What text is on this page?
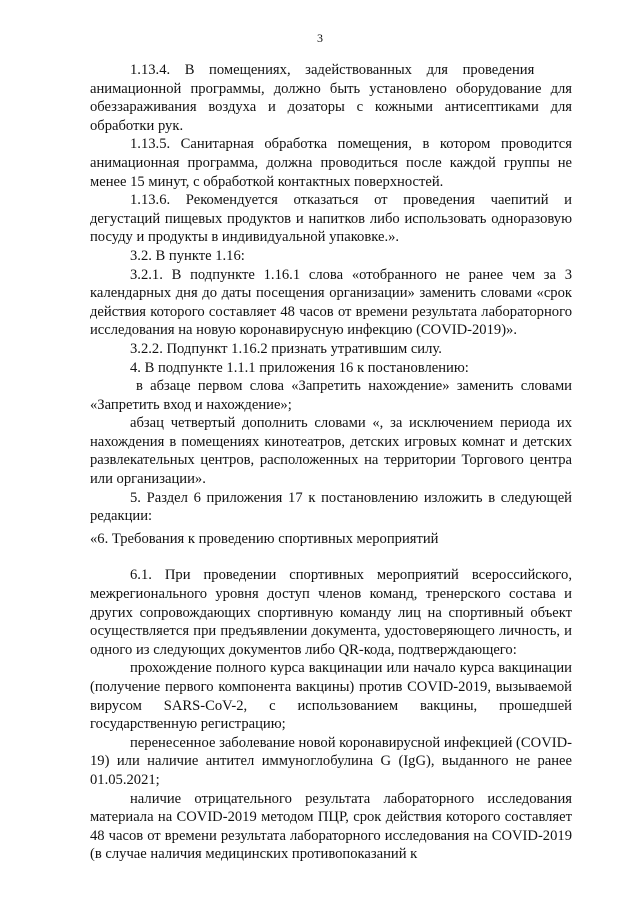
3

1.13.4. В помещениях, задействованных для проведения анимационной программы, должно быть установлено оборудование для обеззараживания воздуха и дозаторы с кожными антисептиками для обработки рук.

1.13.5. Санитарная обработка помещения, в котором проводится анимационная программа, должна проводиться после каждой группы не менее 15 минут, с обработкой контактных поверхностей.

1.13.6. Рекомендуется отказаться от проведения чаепитий и дегустаций пищевых продуктов и напитков либо использовать одноразовую посуду и продукты в индивидуальной упаковке.».

3.2. В пункте 1.16:

3.2.1. В подпункте 1.16.1 слова «отобранного не ранее чем за 3 календарных дня до даты посещения организации» заменить словами «срок действия которого составляет 48 часов от времени результата лабораторного исследования на новую коронавирусную инфекцию (COVID-2019)».

3.2.2. Подпункт 1.16.2 признать утратившим силу.

4. В подпункте 1.1.1 приложения 16 к постановлению:

в абзаце первом слова «Запретить нахождение» заменить словами «Запретить вход и нахождение»;

абзац четвертый дополнить словами «, за исключением периода их нахождения в помещениях кинотеатров, детских игровых комнат и детских развлекательных центров, расположенных на территории Торгового центра или организации».

5. Раздел 6 приложения 17 к постановлению изложить в следующей редакции:

«6. Требования к проведению спортивных мероприятий

6.1. При проведении спортивных мероприятий всероссийского, межрегионального уровня доступ членов команд, тренерского состава и других сопровождающих спортивную команду лиц на спортивный объект осуществляется при предъявлении документа, удостоверяющего личность, и одного из следующих документов либо QR-кода, подтверждающего:

прохождение полного курса вакцинации или начало курса вакцинации (получение первого компонента вакцины) против COVID-2019, вызываемой вирусом SARS-CoV-2, с использованием вакцины, прошедшей государственную регистрацию;

перенесенное заболевание новой коронавирусной инфекцией (COVID-19) или наличие антител иммуноглобулина G (IgG), выданного не ранее 01.05.2021;

наличие отрицательного результата лабораторного исследования материала на COVID-2019 методом ПЦР, срок действия которого составляет 48 часов от времени результата лабораторного исследования на COVID-2019 (в случае наличия медицинских противопоказаний к
